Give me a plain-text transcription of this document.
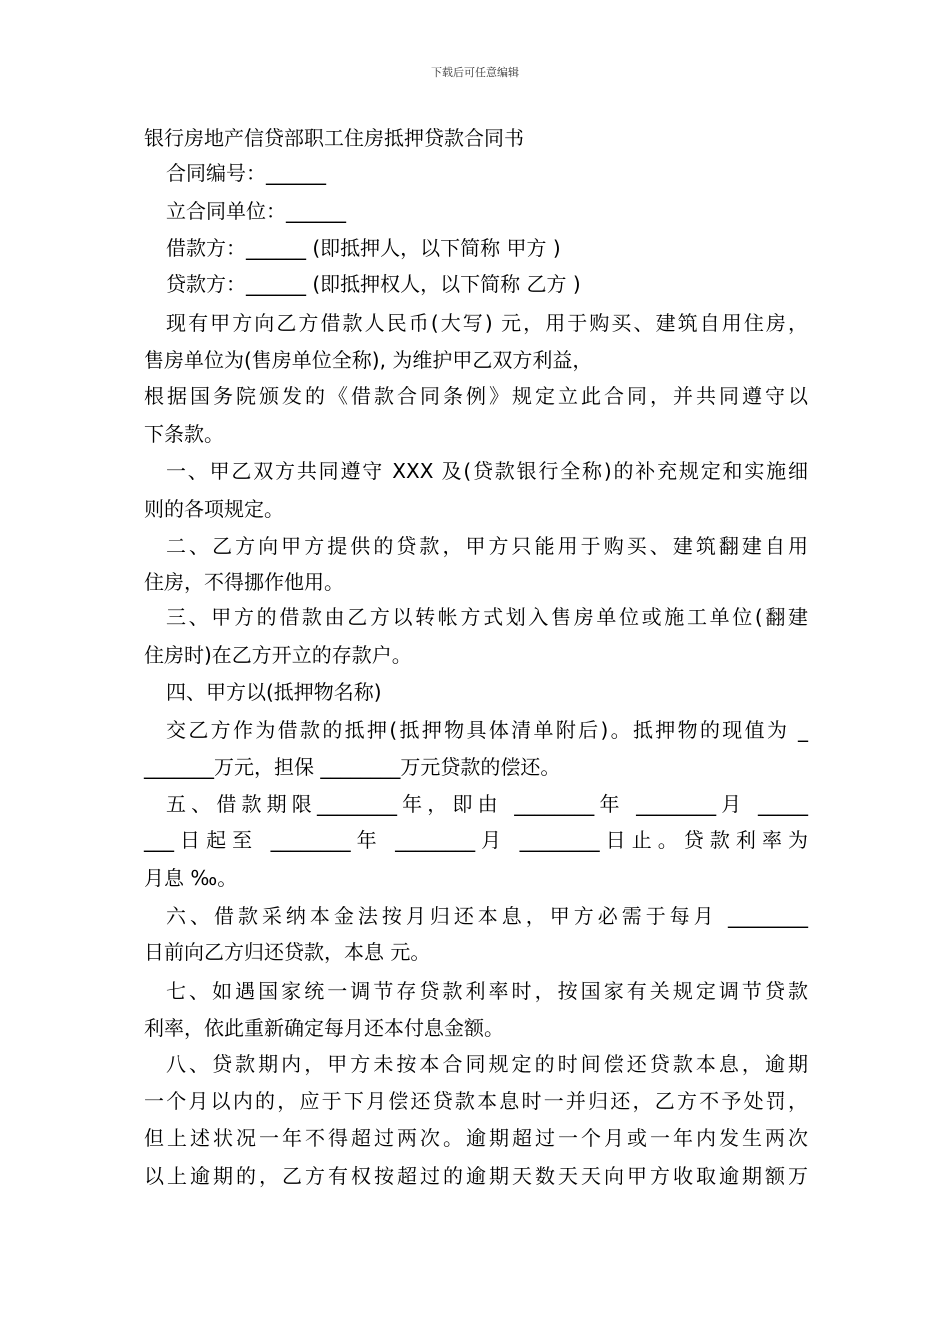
下载后可任意编辑
银行房地产信贷部职工住房抵押贷款合同书
合同编号：______
立合同单位：______
借款方：______ (即抵押人，以下简称 甲方 )
贷款方：______ (即抵押权人，以下简称 乙方 )
现有甲方向乙方借款人民币(大写) 元，用于购买、建筑自用住房，
售房单位为(售房单位全称), 为维护甲乙双方利益，
根据国务院颁发的《借款合同条例》规定立此合同，并共同遵守以
下条款。
一、甲乙双方共同遵守 XXX 及(贷款银行全称)的补充规定和实施细
则的各项规定。
二、乙方向甲方提供的贷款，甲方只能用于购买、建筑翻建自用
住房，不得挪作他用。
三、甲方的借款由乙方以转帐方式划入售房单位或施工单位(翻建
住房时)在乙方开立的存款户。
四、甲方以(抵押物名称)
交乙方作为借款的抵押(抵押物具体清单附后)。抵押物的现值为 _
_______万元，担保 ________万元贷款的偿还。
五、借款期限________年，即由 ________年 ________月 _____
___日起至 ________年 ________月 ________日止。贷款利率为
月息 ‰。
六、借款采纳本金法按月归还本息，甲方必需于每月 ________
日前向乙方归还贷款，本息 元。
七、如遇国家统一调节存贷款利率时，按国家有关规定调节贷款
利率，依此重新确定每月还本付息金额。
八、贷款期内，甲方未按本合同规定的时间偿还贷款本息，逾期
一个月以内的，应于下月偿还贷款本息时一并归还，乙方不予处罚，
但上述状况一年不得超过两次。逾期超过一个月或一年内发生两次
以上逾期的，乙方有权按超过的逾期天数天天向甲方收取逾期额万
